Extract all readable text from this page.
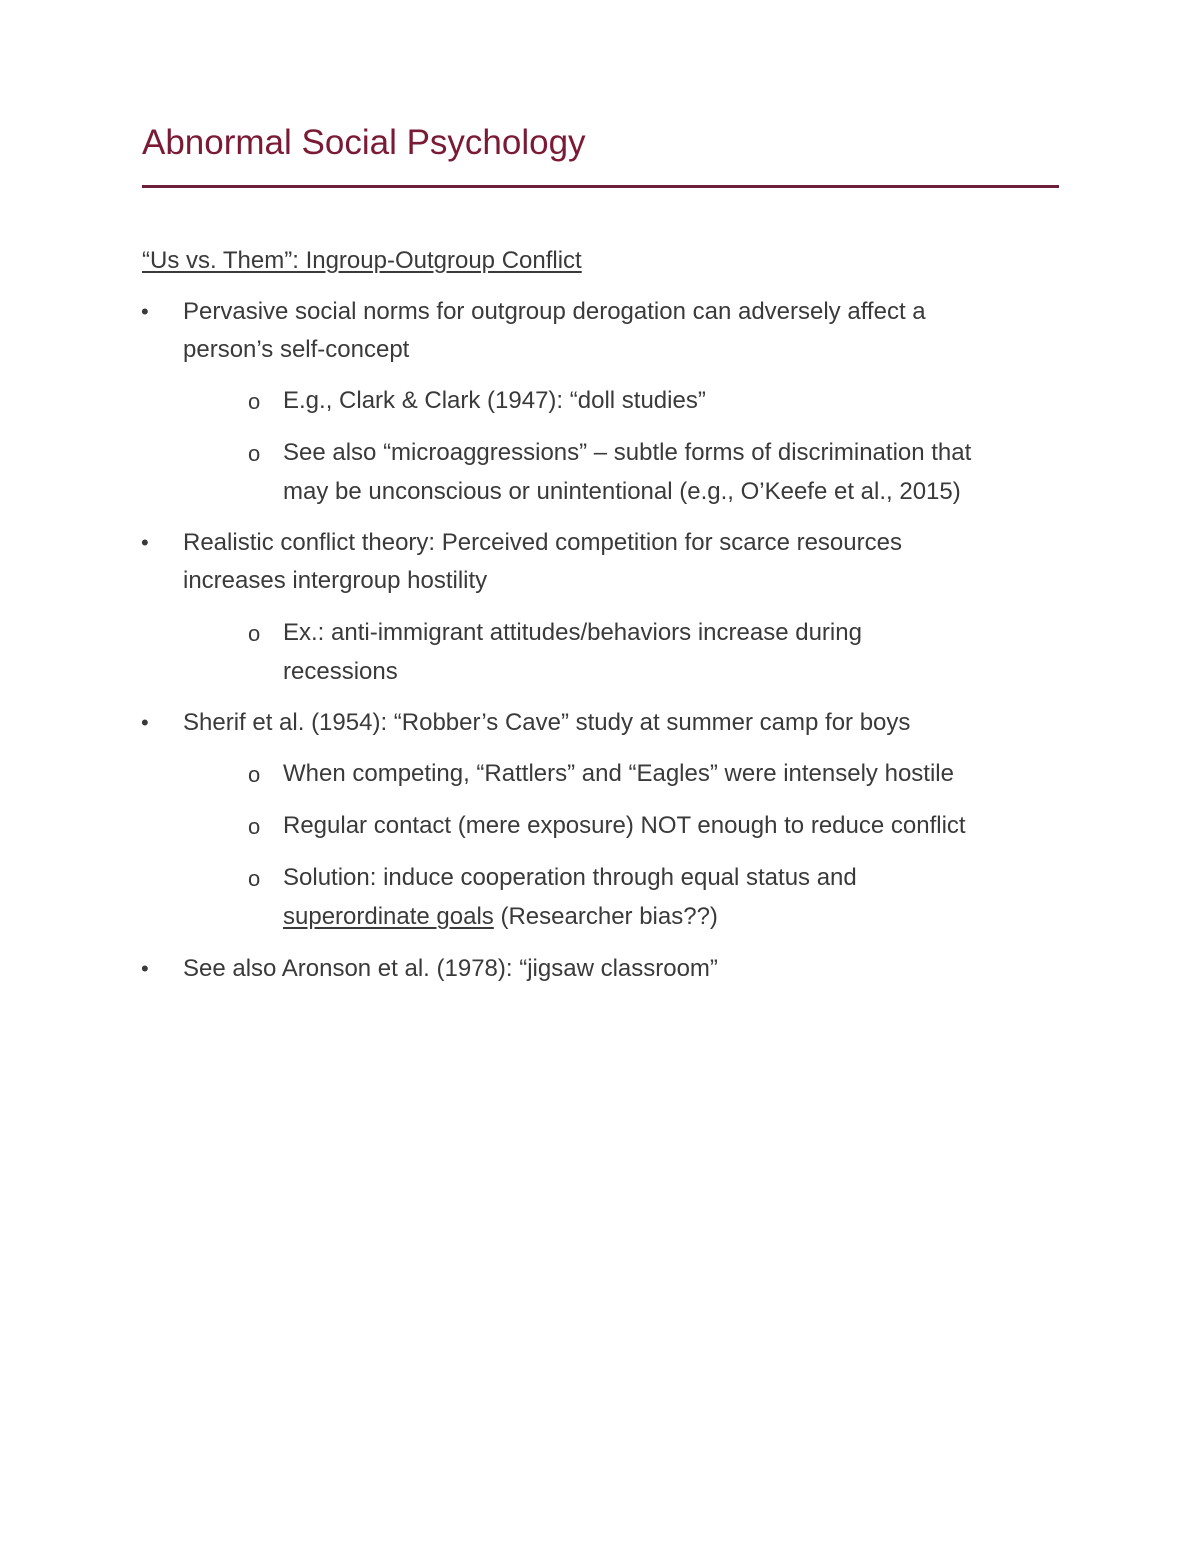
Abnormal Social Psychology
“Us vs. Them”: Ingroup-Outgroup Conflict
• Pervasive social norms for outgroup derogation can adversely affect a
person’s self-concept
o E.g., Clark & Clark (1947): “doll studies”
o See also “microaggressions” – subtle forms of discrimination that
may be unconscious or unintentional (e.g., O’Keefe et al., 2015)
• Realistic conflict theory: Perceived competition for scarce resources
increases intergroup hostility
o Ex.: anti-immigrant attitudes/behaviors increase during
recessions
• Sherif et al. (1954): “Robber’s Cave” study at summer camp for boys
o When competing, “Rattlers” and “Eagles” were intensely hostile
o Regular contact (mere exposure) NOT enough to reduce conflict
o Solution: induce cooperation through equal status and
superordinate goals (Researcher bias??)
• See also Aronson et al. (1978): “jigsaw classroom”
